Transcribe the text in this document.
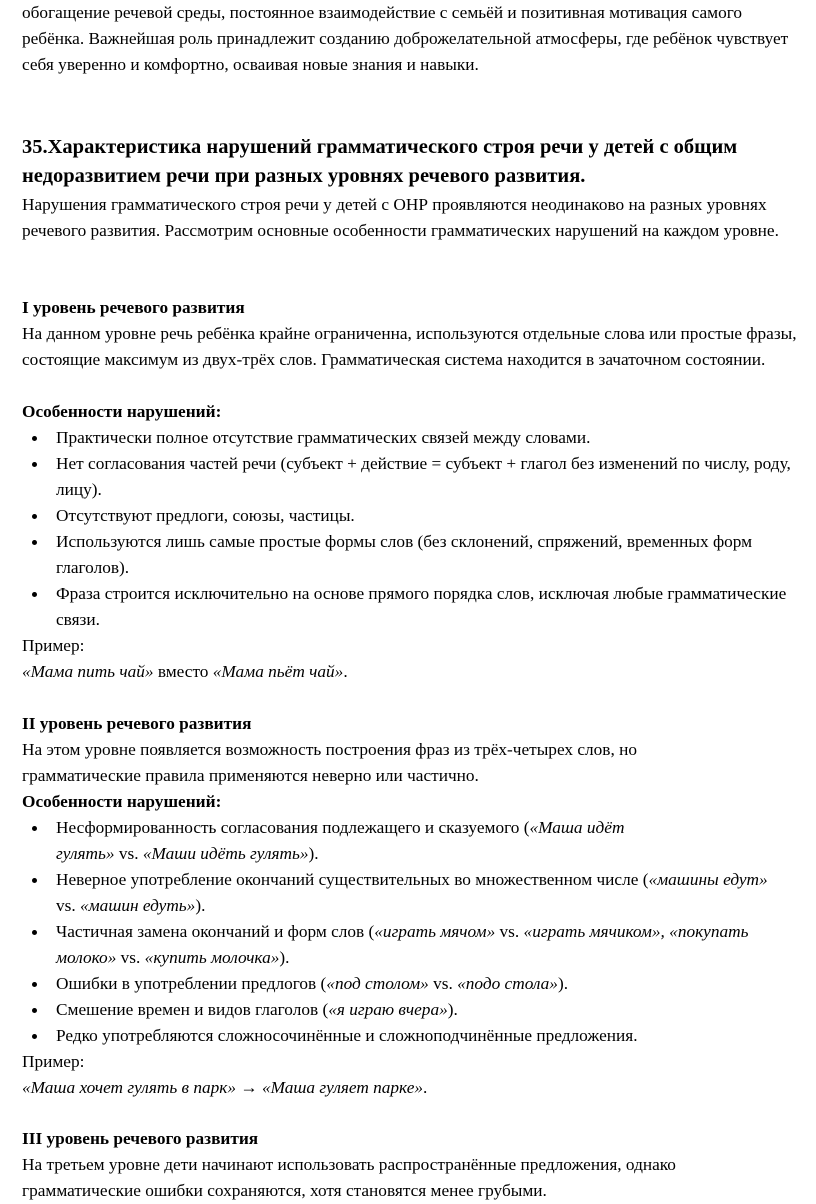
обогащение речевой среды, постоянное взаимодействие с семьёй и позитивная мотивация самого ребёнка. Важнейшая роль принадлежит созданию доброжелательной атмосферы, где ребёнок чувствует себя уверенно и комфортно, осваивая новые знания и навыки.

35.Характеристика нарушений грамматического строя речи у детей с общим недоразвитием речи при разных уровнях речевого развития.

Нарушения грамматического строя речи у детей с ОНР проявляются неодинаково на разных уровнях речевого развития. Рассмотрим основные особенности грамматических нарушений на каждом уровне.

I уровень речевого развития

На данном уровне речь ребёнка крайне ограниченна, используются отдельные слова или простые фразы, состоящие максимум из двух-трёх слов. Грамматическая система находится в зачаточном состоянии.

Особенности нарушений:

Практически полное отсутствие грамматических связей между словами.
Нет согласования частей речи (субъект + действие = субъект + глагол без изменений по числу, роду, лицу).
Отсутствуют предлоги, союзы, частицы.
Используются лишь самые простые формы слов (без склонений, спряжений, временных форм глаголов).
Фраза строится исключительно на основе прямого порядка слов, исключая любые грамматические связи.

Пример:

«Мама пить чай» вместо «Мама пьёт чай».

II уровень речевого развития

На этом уровне появляется возможность построения фраз из трёх-четырех слов, но грамматические правила применяются неверно или частично.

Особенности нарушений:

Несформированность согласования подлежащего и сказуемого («Маша идёт гулять» vs. «Маши идёть гулять»).
Неверное употребление окончаний существительных во множественном числе («машины едут» vs. «машин едуть»).
Частичная замена окончаний и форм слов («играть мячом» vs. «играть мячиком», «покупать молоко» vs. «купить молочка»).
Ошибки в употреблении предлогов («под столом» vs. «подо стола»).
Смешение времен и видов глаголов («я играю вчера»).
Редко употребляются сложносочинённые и сложноподчинённые предложения.

Пример:

«Маша хочет гулять в парк» → «Маша гуляет парке».

III уровень речевого развития

На третьем уровне дети начинают использовать распространённые предложения, однако грамматические ошибки сохраняются, хотя становятся менее грубыми.
